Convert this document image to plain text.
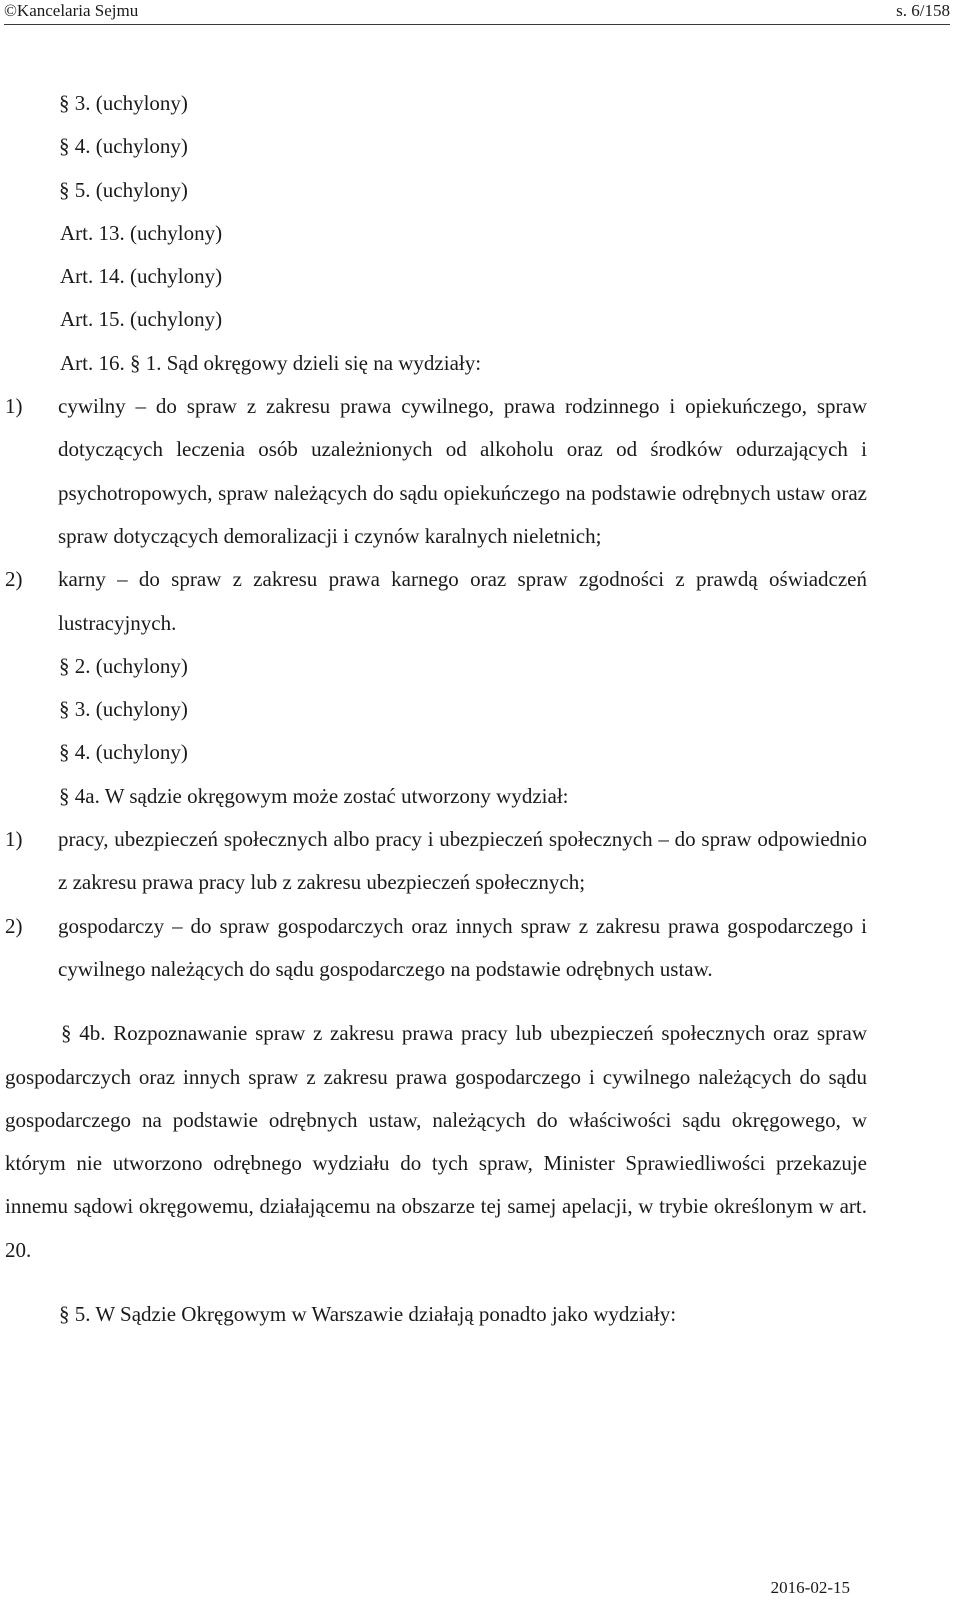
©Kancelaria Sejmu	s. 6/158

§ 3. (uchylony)

§ 4. (uchylony)

§ 5. (uchylony)

Art. 13. (uchylony)

Art. 14. (uchylony)

Art. 15. (uchylony)

Art. 16. § 1. Sąd okręgowy dzieli się na wydziały:

1) cywilny – do spraw z zakresu prawa cywilnego, prawa rodzinnego i opiekuńczego, spraw dotyczących leczenia osób uzależnionych od alkoholu oraz od środków odurzających i psychotropowych, spraw należących do sądu opiekuńczego na podstawie odrębnych ustaw oraz spraw dotyczących demoralizacji i czynów karalnych nieletnich;
2) karny – do spraw z zakresu prawa karnego oraz spraw zgodności z prawdą oświadczeń lustracyjnych.

§ 2. (uchylony)

§ 3. (uchylony)

§ 4. (uchylony)

§ 4a. W sądzie okręgowym może zostać utworzony wydział:

1) pracy, ubezpieczeń społecznych albo pracy i ubezpieczeń społecznych – do spraw odpowiednio z zakresu prawa pracy lub z zakresu ubezpieczeń społecznych;
2) gospodarczy – do spraw gospodarczych oraz innych spraw z zakresu prawa gospodarczego i cywilnego należących do sądu gospodarczego na podstawie odrębnych ustaw.

§ 4b. Rozpoznawanie spraw z zakresu prawa pracy lub ubezpieczeń społecznych oraz spraw gospodarczych oraz innych spraw z zakresu prawa gospodarczego i cywilnego należących do sądu gospodarczego na podstawie odrębnych ustaw, należących do właściwości sądu okręgowego, w którym nie utworzono odrębnego wydziału do tych spraw, Minister Sprawiedliwości przekazuje innemu sądowi okręgowemu, działającemu na obszarze tej samej apelacji, w trybie określonym w art. 20.

§ 5. W Sądzie Okręgowym w Warszawie działają ponadto jako wydziały:

2016-02-15
